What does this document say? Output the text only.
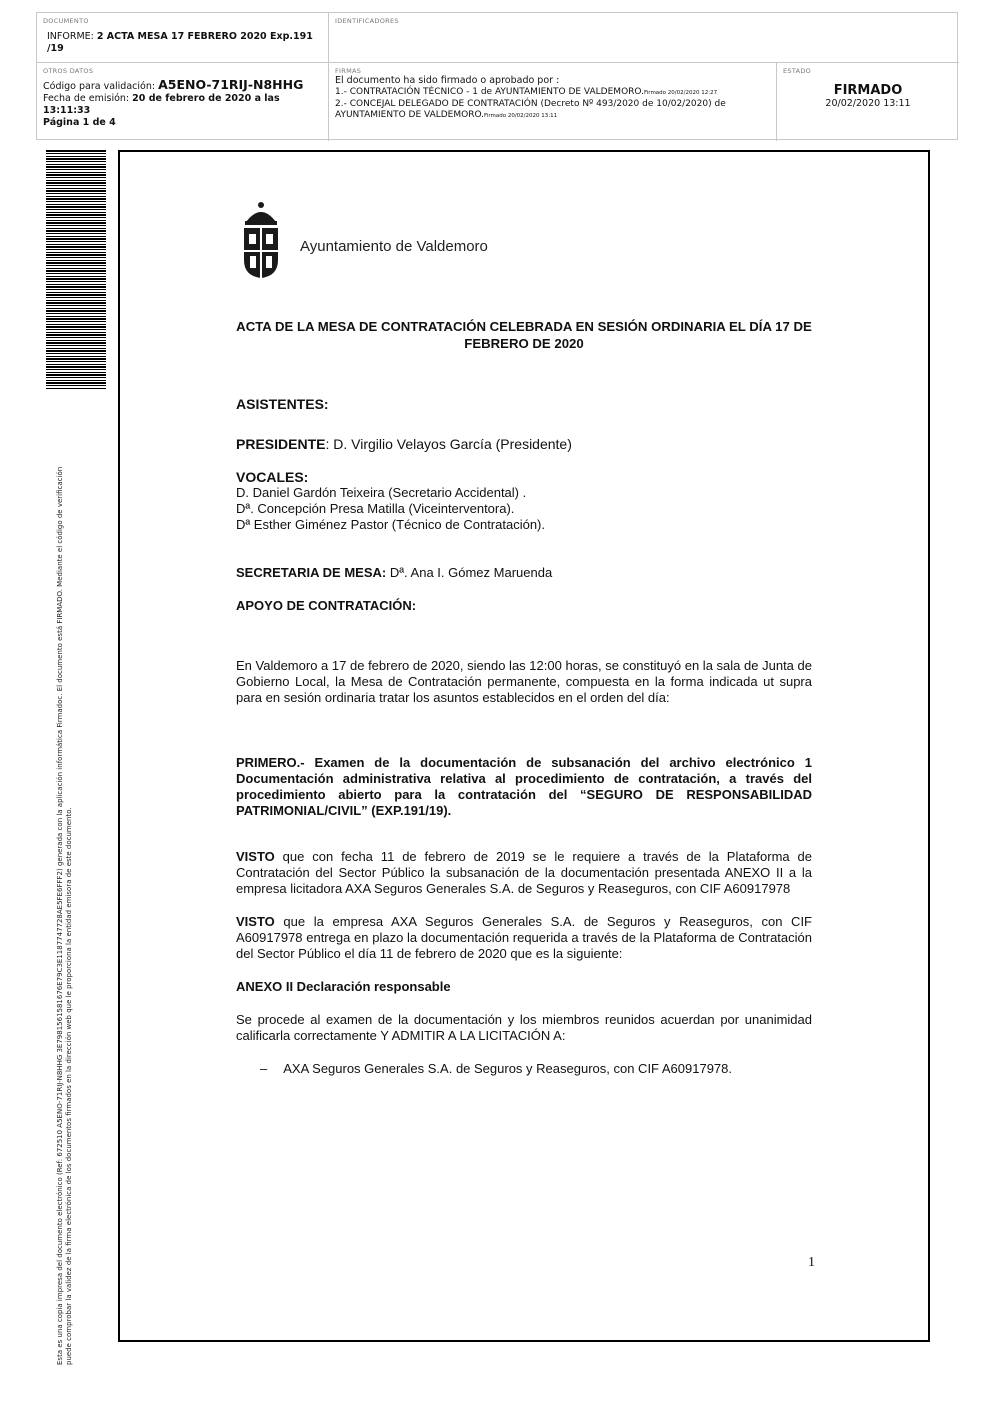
DOCUMENTO
INFORME: 2 ACTA MESA 17 FEBRERO 2020 Exp.191 /19
IDENTIFICADORES
OTROS DATOS
Código para validación: A5ENO-71RIJ-N8HHG
Fecha de emisión: 20 de febrero de 2020 a las 13:11:33
Página 1 de 4
FIRMAS
El documento ha sido firmado o aprobado por :
1.- CONTRATACIÓN TÉCNICO - 1 de AYUNTAMIENTO DE VALDEMORO.Firmado 20/02/2020 12:27
2.- CONCEJAL DELEGADO DE CONTRATACIÓN (Decreto Nº 493/2020 de 10/02/2020) de AYUNTAMIENTO DE VALDEMORO.Firmado 20/02/2020 13:11
ESTADO
FIRMADO
20/02/2020 13:11
Esta es una copia impresa del documento electrónico (Ref: 672510 A5ENO-71RIJ-N8HHG 3E7981561581676E79C3E1187747728AE5FE6FFF2) generada con la aplicación informática Firmadoc. El documento está FIRMADO. Mediante el código de verificación puede comprobar la validez de la firma electrónica de los documentos firmados en la dirección web que le proporciona la entidad emisora de este documento.
Ayuntamiento de Valdemoro
ACTA DE LA MESA DE CONTRATACIÓN CELEBRADA EN SESIÓN ORDINARIA EL DÍA 17 DE FEBRERO DE 2020
ASISTENTES:
PRESIDENTE: D. Virgilio Velayos García (Presidente)
VOCALES:
D. Daniel Gardón Teixeira (Secretario Accidental) .
Dª. Concepción Presa Matilla (Viceinterventora).
Dª Esther Giménez Pastor (Técnico de Contratación).
SECRETARIA DE MESA: Dª. Ana I. Gómez Maruenda
APOYO DE CONTRATACIÓN:

En Valdemoro a 17 de febrero de 2020, siendo las 12:00 horas, se constituyó en la sala de Junta de Gobierno Local, la Mesa de Contratación permanente, compuesta en la forma indicada ut supra para en sesión ordinaria tratar los asuntos establecidos en el orden del día:

PRIMERO.- Examen de la documentación de subsanación del archivo electrónico 1 Documentación administrativa relativa al procedimiento de contratación, a través del procedimiento abierto para la contratación del “SEGURO DE RESPONSABILIDAD PATRIMONIAL/CIVIL” (EXP.191/19).

VISTO que con fecha 11 de febrero de 2019 se le requiere a través de la Plataforma de Contratación del Sector Público la subsanación de la documentación presentada ANEXO II a la empresa licitadora AXA Seguros Generales S.A. de Seguros y Reaseguros, con CIF A60917978

VISTO que la empresa AXA Seguros Generales S.A. de Seguros y Reaseguros, con CIF A60917978 entrega en plazo la documentación requerida a través de la Plataforma de Contratación del Sector Público el día 11 de febrero de 2020 que es la siguiente:

ANEXO II Declaración responsable

Se procede al examen de la documentación y los miembros reunidos acuerdan por unanimidad calificarla correctamente Y ADMITIR A LA LICITACIÓN A:

– AXA Seguros Generales S.A. de Seguros y Reaseguros, con CIF A60917978.
1
